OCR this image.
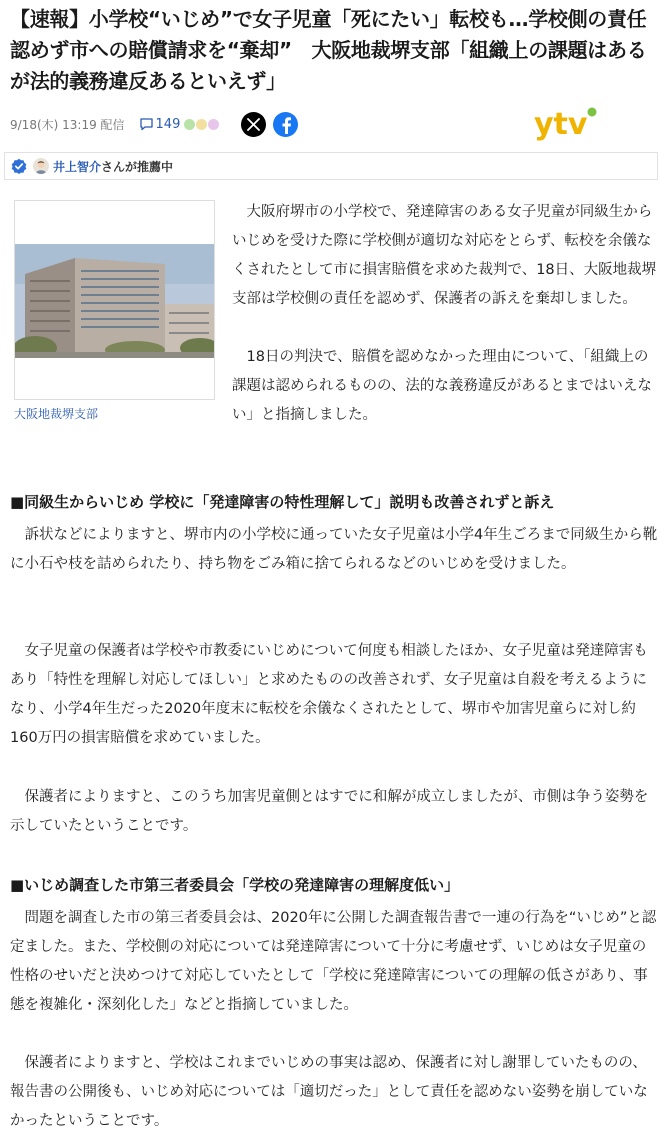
【速報】小学校“いじめ”で女子児童「死にたい」転校も…学校側の責任認めず市への賠償請求を“棄却”　大阪地裁堺支部「組織上の課題はあるが法的義務違反あるといえず」
9/18(木) 13:19 配信 149	ytv
井上智介 さんが推薦中
大阪地裁堺支部

　大阪府堺市の小学校で、発達障害のある女子児童が同級生からいじめを受けた際に学校側が適切な対応をとらず、転校を余儀なくされたとして市に損害賠償を求めた裁判で、18日、大阪地裁堺支部は学校側の責任を認めず、保護者の訴えを棄却しました。

　18日の判決で、賠償を認めなかった理由について、「組織上の課題は認められるものの、法的な義務違反があるとまではいえない」と指摘しました。

■同級生からいじめ 学校に「発達障害の特性理解して」説明も改善されずと訴え

　訴状などによりますと、堺市内の小学校に通っていた女子児童は小学4年生ごろまで同級生から靴に小石や枝を詰められたり、持ち物をごみ箱に捨てられるなどのいじめを受けました。

　女子児童の保護者は学校や市教委にいじめについて何度も相談したほか、女子児童は発達障害もあり「特性を理解し対応してほしい」と求めたものの改善されず、女子児童は自殺を考えるようになり、小学4年生だった2020年度末に転校を余儀なくされたとして、堺市や加害児童らに対し約160万円の損害賠償を求めていました。

　保護者によりますと、このうち加害児童側とはすでに和解が成立しましたが、市側は争う姿勢を示していたということです。

■いじめ調査した市第三者委員会「学校の発達障害の理解度低い」

　問題を調査した市の第三者委員会は、2020年に公開した調査報告書で一連の行為を“いじめ”と認定ました。また、学校側の対応については発達障害について十分に考慮せず、いじめは女子児童の性格のせいだと決めつけて対応していたとして「学校に発達障害についての理解の低さがあり、事態を複雑化・深刻化した」などと指摘していました。

　保護者によりますと、学校はこれまでいじめの事実は認め、保護者に対し謝罪していたものの、報告書の公開後も、いじめ対応については「適切だった」として責任を認めない姿勢を崩していなかったということです。
